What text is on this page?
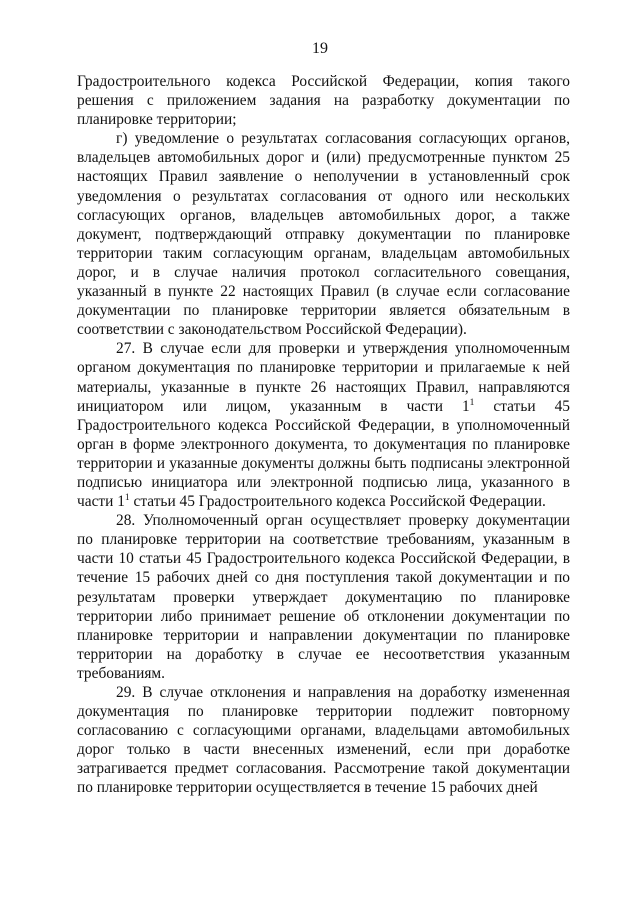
19

Градостроительного кодекса Российской Федерации, копия такого решения с приложением задания на разработку документации по планировке территории;

г) уведомление о результатах согласования согласующих органов, владельцев автомобильных дорог и (или) предусмотренные пунктом 25 настоящих Правил заявление о неполучении в установленный срок уведомления о результатах согласования от одного или нескольких согласующих органов, владельцев автомобильных дорог, а также документ, подтверждающий отправку документации по планировке территории таким согласующим органам, владельцам автомобильных дорог, и в случае наличия протокол согласительного совещания, указанный в пункте 22 настоящих Правил (в случае если согласование документации по планировке территории является обязательным в соответствии с законодательством Российской Федерации).

27. В случае если для проверки и утверждения уполномоченным органом документация по планировке территории и прилагаемые к ней материалы, указанные в пункте 26 настоящих Правил, направляются инициатором или лицом, указанным в части $1^1$ статьи 45 Градостроительного кодекса Российской Федерации, в уполномоченный орган в форме электронного документа, то документация по планировке территории и указанные документы должны быть подписаны электронной подписью инициатора или электронной подписью лица, указанного в части $1^1$ статьи 45 Градостроительного кодекса Российской Федерации.

28. Уполномоченный орган осуществляет проверку документации по планировке территории на соответствие требованиям, указанным в части 10 статьи 45 Градостроительного кодекса Российской Федерации, в течение 15 рабочих дней со дня поступления такой документации и по результатам проверки утверждает документацию по планировке территории либо принимает решение об отклонении документации по планировке территории и направлении документации по планировке территории на доработку в случае ее несоответствия указанным требованиям.

29. В случае отклонения и направления на доработку измененная документация по планировке территории подлежит повторному согласованию с согласующими органами, владельцами автомобильных дорог только в части внесенных изменений, если при доработке затрагивается предмет согласования. Рассмотрение такой документации по планировке территории осуществляется в течение 15 рабочих дней
